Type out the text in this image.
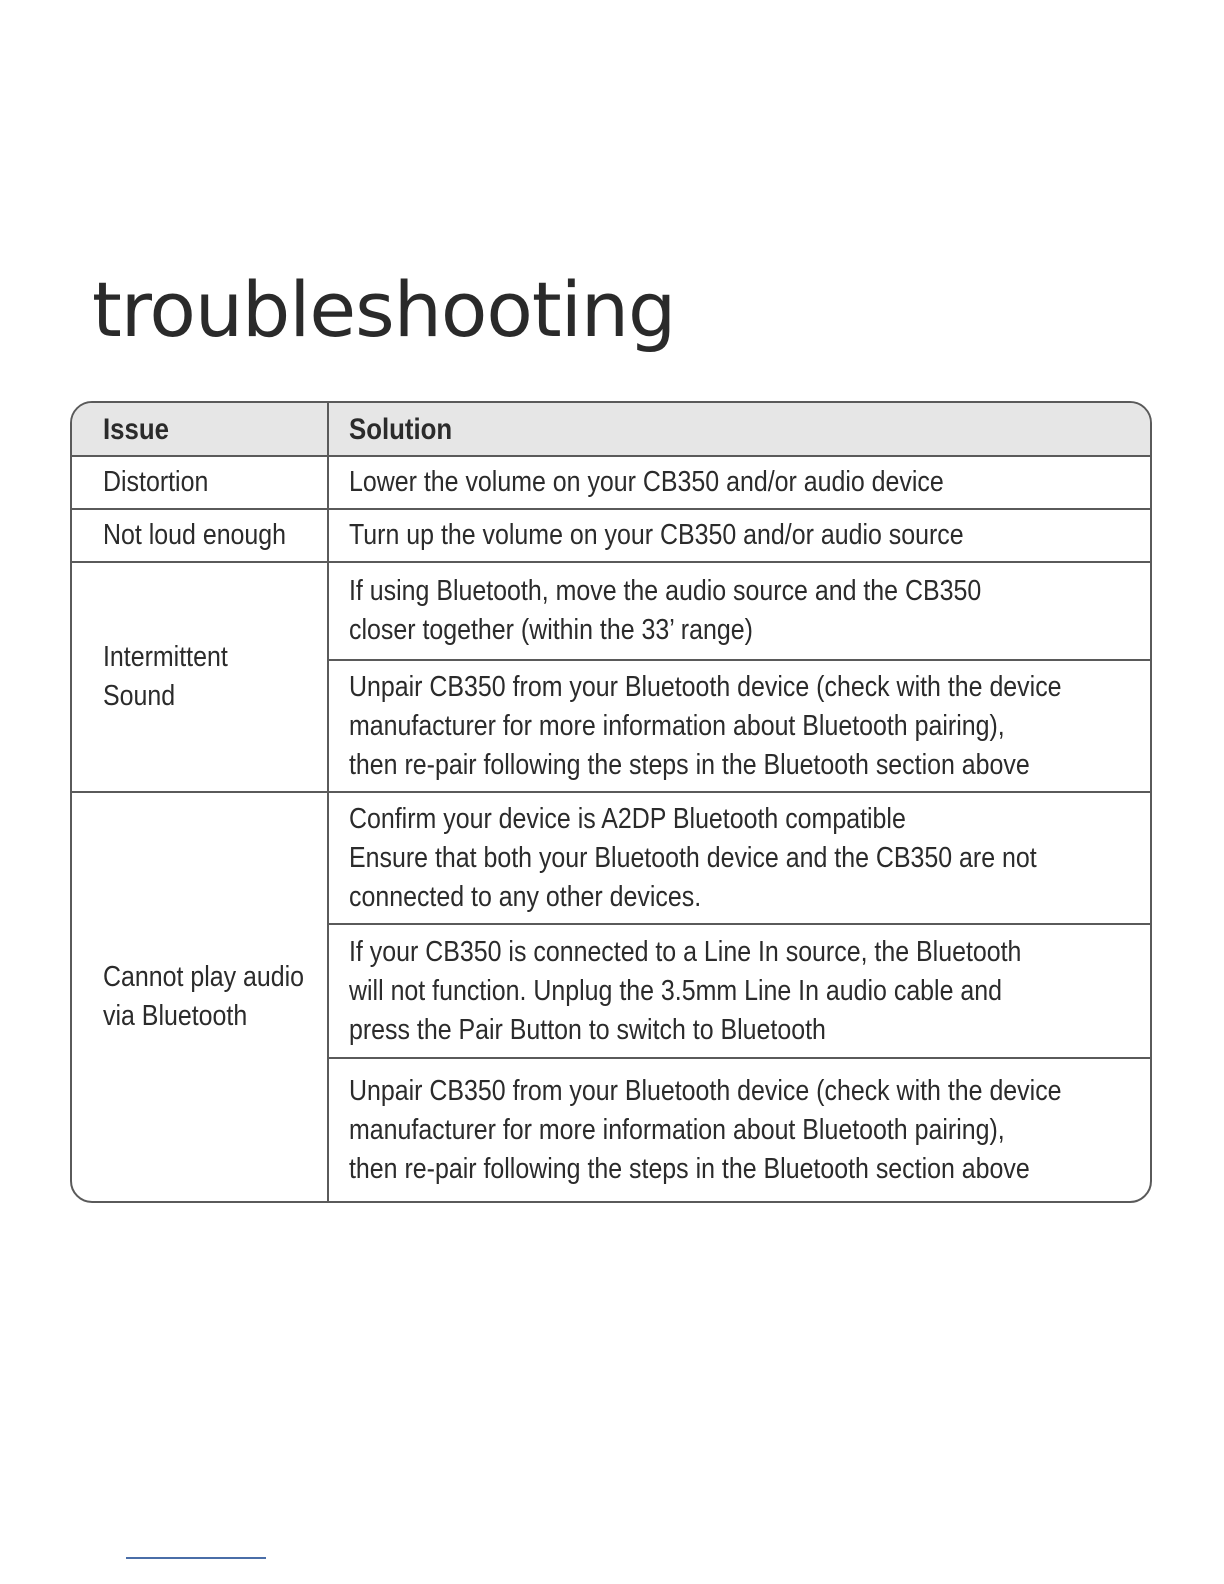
troubleshooting
Issue	Solution
Distortion	Lower the volume on your CB350 and/or audio device
Not loud enough	Turn up the volume on your CB350 and/or audio source

Intermittent
Sound	If using Bluetooth, move the audio source and the CB350
closer together (within the 33’ range)

	Unpair CB350 from your Bluetooth device (check with the device
manufacturer for more information about Bluetooth pairing),
then re-pair following the steps in the Bluetooth section above

Cannot play audio
via Bluetooth	Confirm your device is A2DP Bluetooth compatible
Ensure that both your Bluetooth device and the CB350 are not
connected to any other devices.

	If your CB350 is connected to a Line In source, the Bluetooth
will not function. Unplug the 3.5mm Line In audio cable and
press the Pair Button to switch to Bluetooth

	Unpair CB350 from your Bluetooth device (check with the device
manufacturer for more information about Bluetooth pairing),
then re-pair following the steps in the Bluetooth section above
